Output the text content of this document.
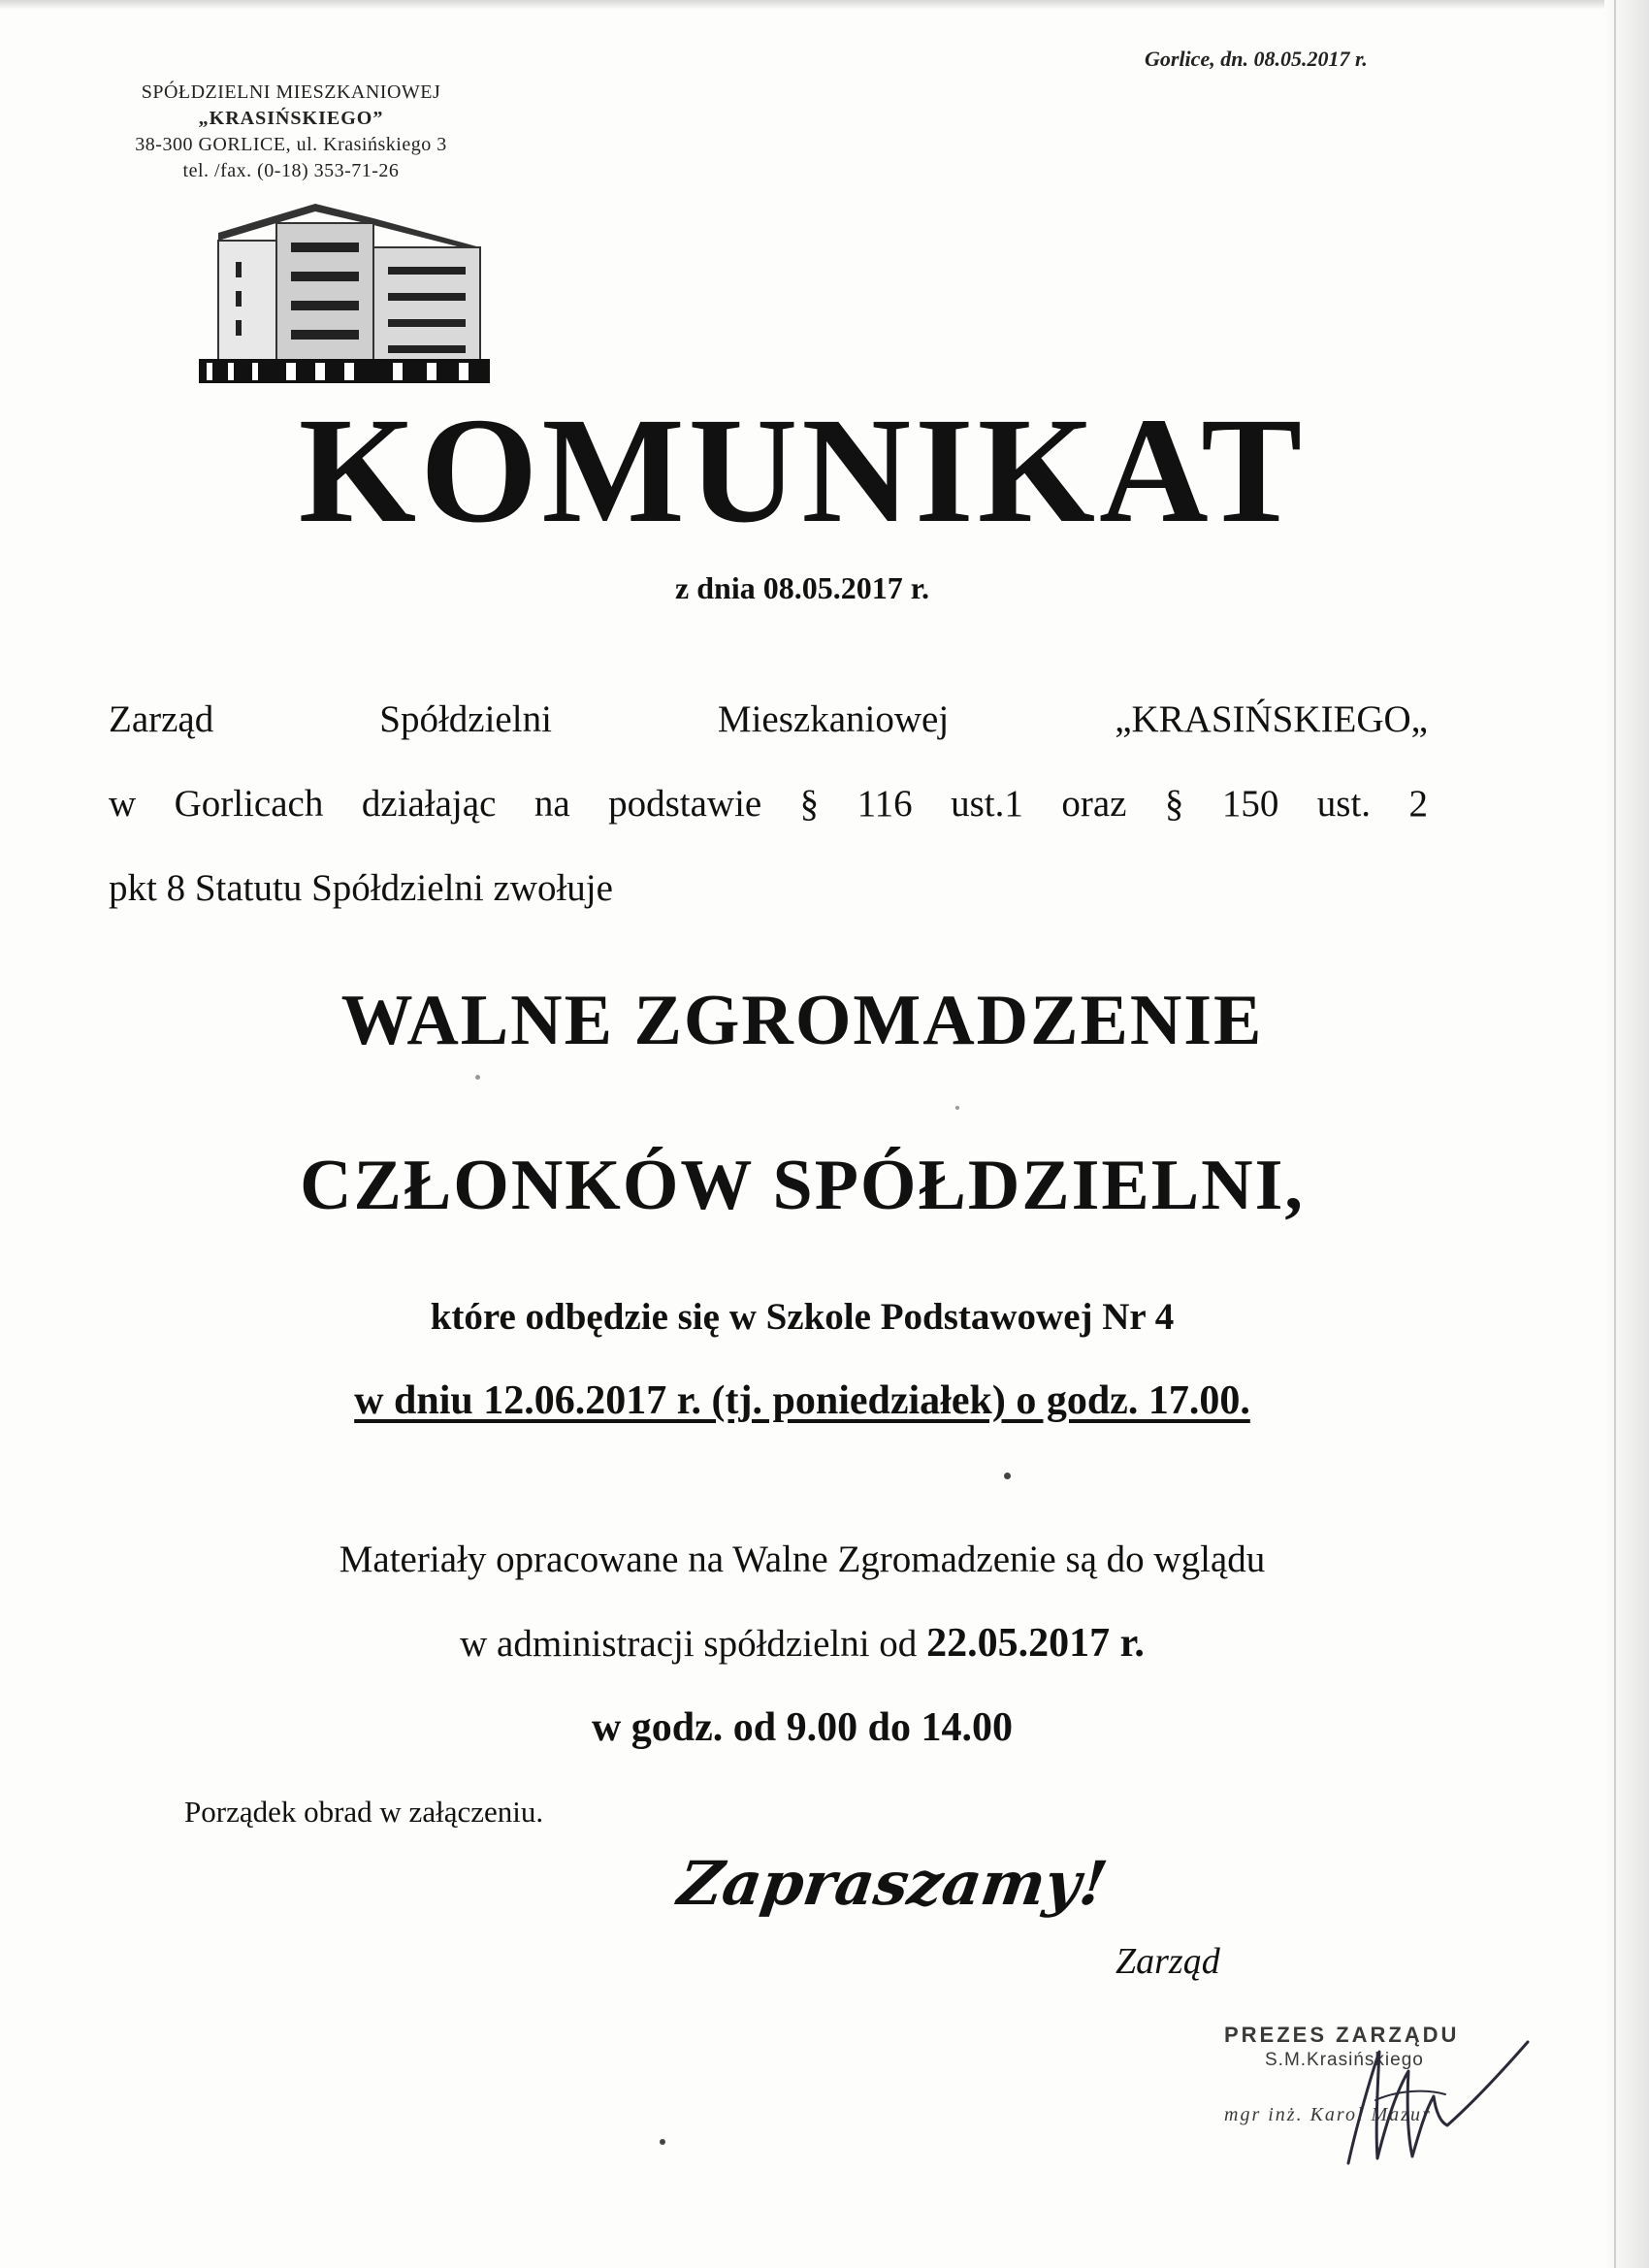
Gorlice, dn. 08.05.2017 r.
SPÓŁDZIELNI MIESZKANIOWEJ
„KRASIŃSKIEGO”
38-300 GORLICE, ul. Krasińskiego 3
tel. /fax. (0-18) 353-71-26
KOMUNIKAT
z dnia 08.05.2017 r.
Zarząd Spółdzielni Mieszkaniowej „KRASIŃSKIEGO„
w Gorlicach działając na podstawie § 116 ust.1 oraz § 150 ust. 2
pkt 8 Statutu Spółdzielni zwołuje
WALNE ZGROMADZENIE
CZŁONKÓW SPÓŁDZIELNI,
które odbędzie się w Szkole Podstawowej Nr 4
w dniu 12.06.2017 r. (tj. poniedziałek) o godz. 17.00.
Materiały opracowane na Walne Zgromadzenie są do wglądu
w administracji spółdzielni od 22.05.2017 r.
w godz. od 9.00 do 14.00
Porządek obrad w załączeniu.
Zapraszamy!
Zarząd
PREZES ZARZĄDU
S.M.Krasińskiego
mgr inż. Karol Mazur
